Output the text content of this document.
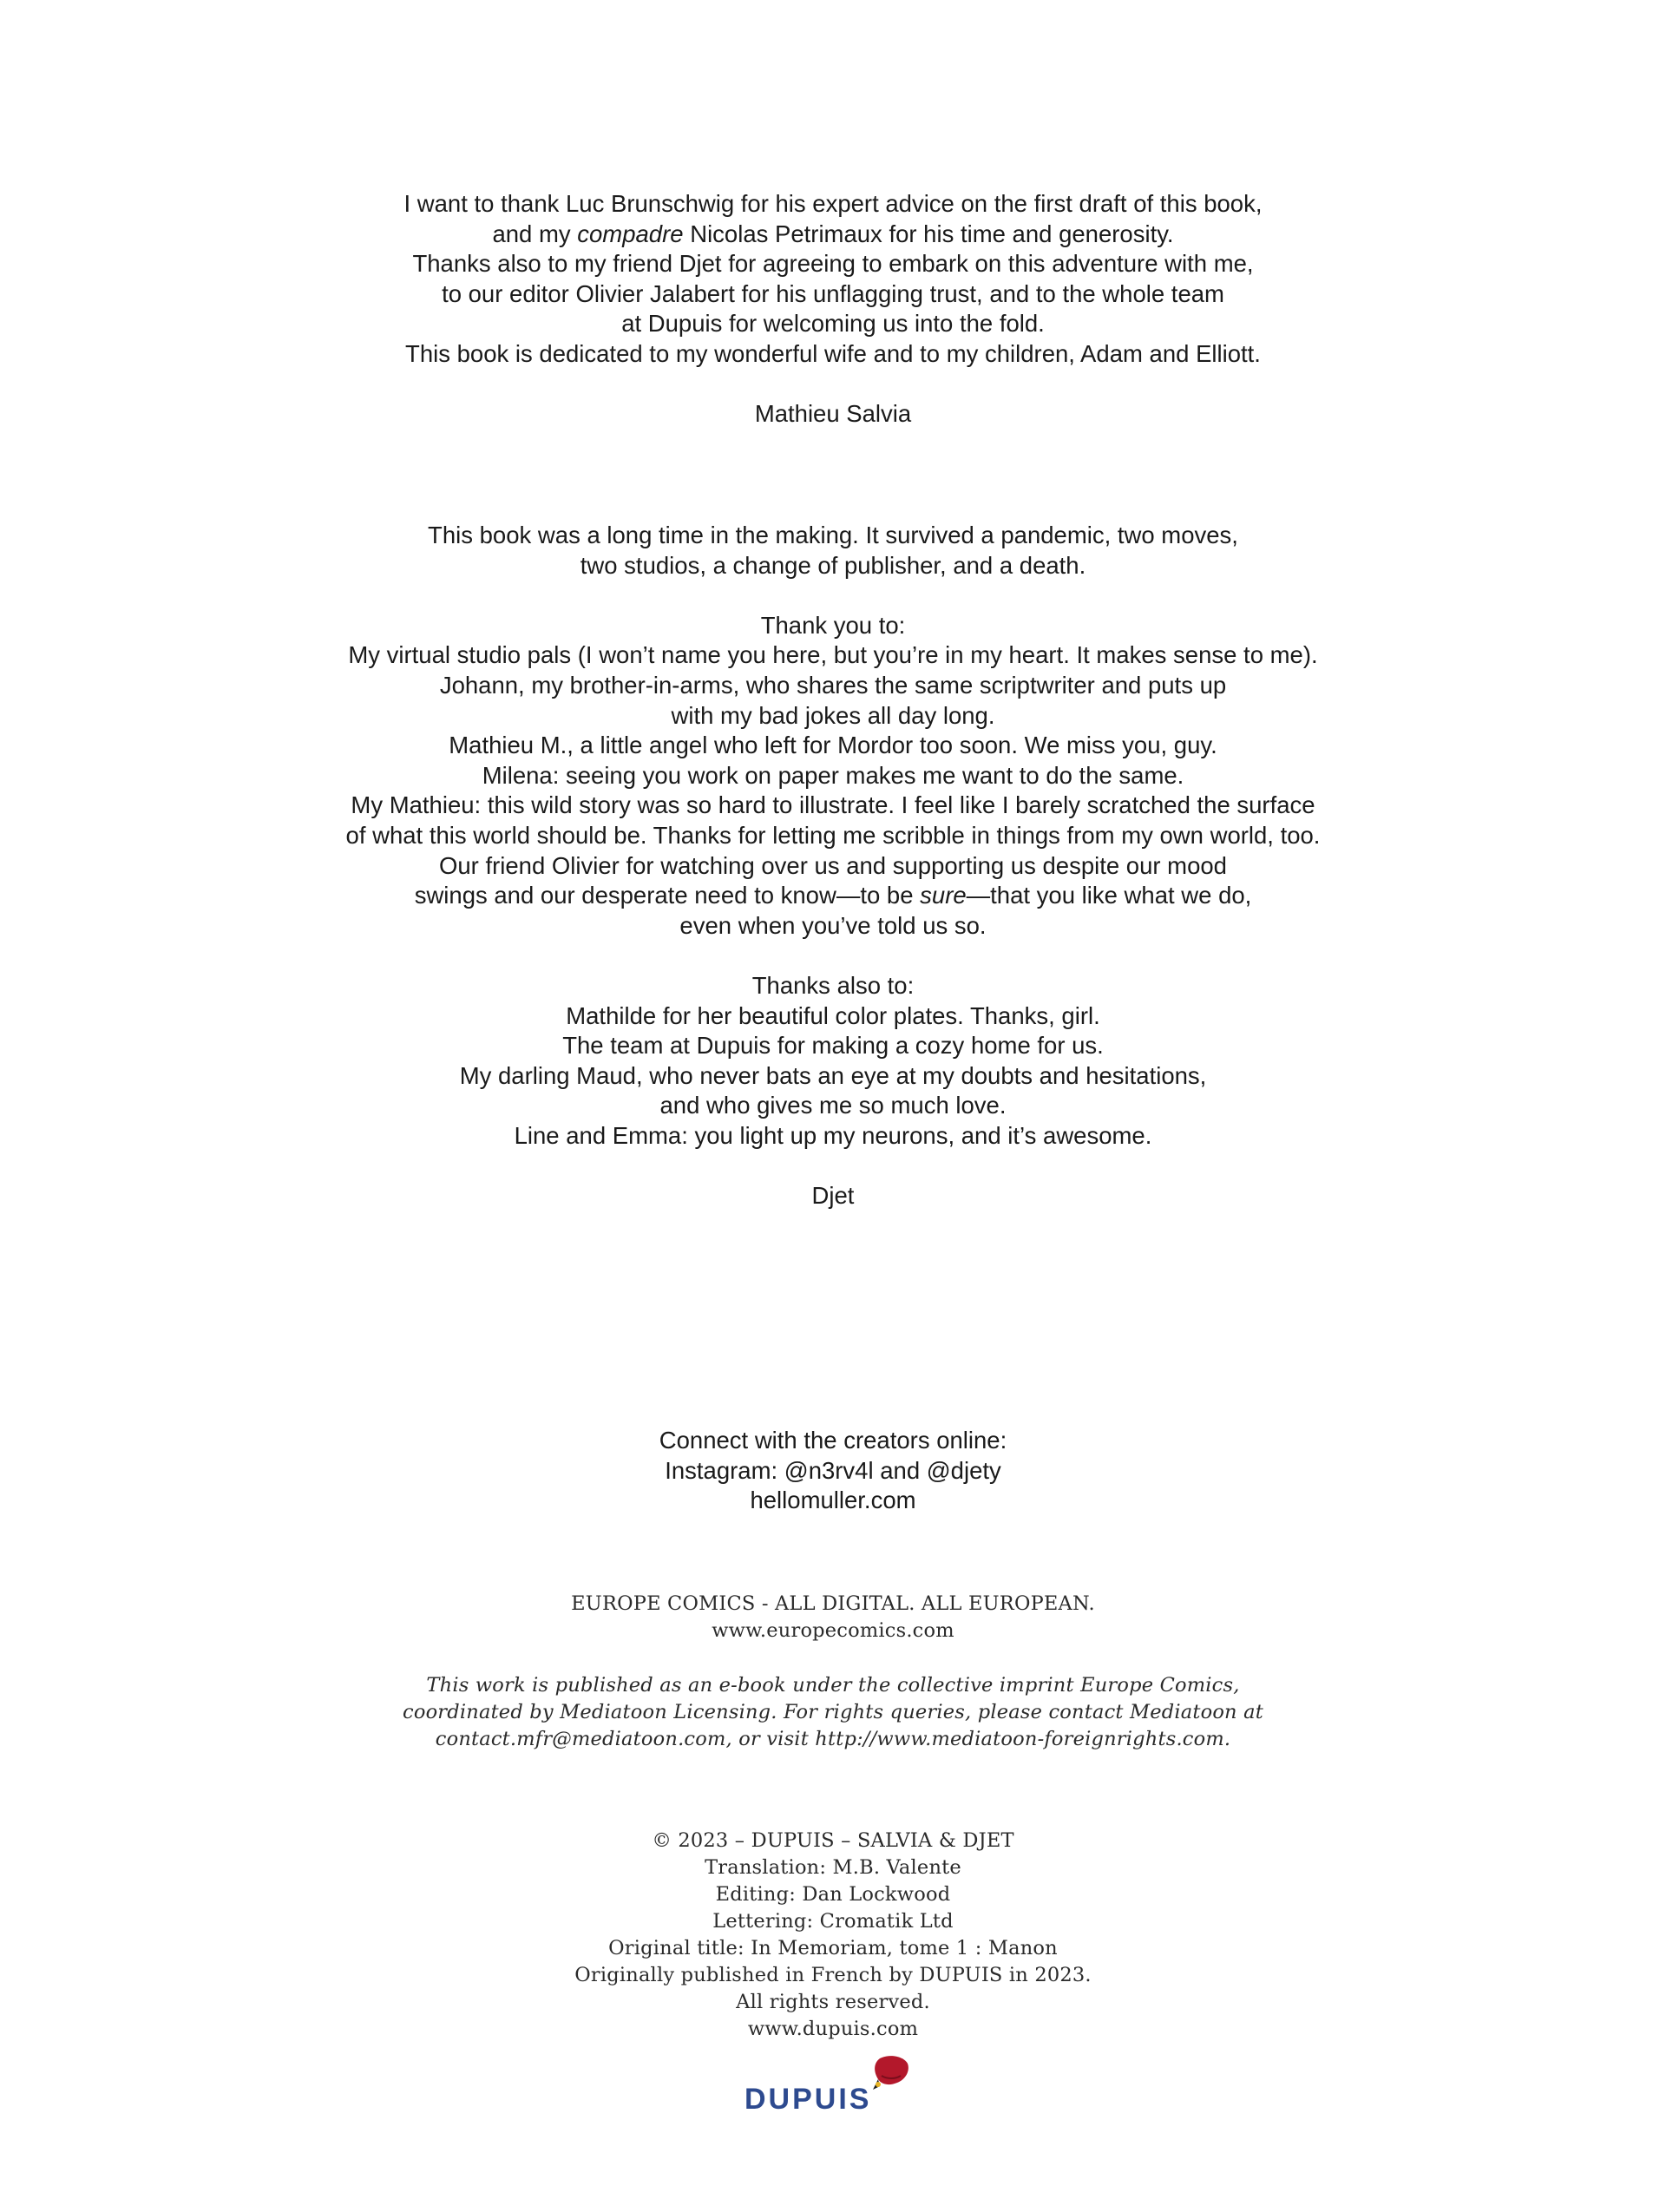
I want to thank Luc Brunschwig for his expert advice on the first draft of this book,
and my compadre Nicolas Petrimaux for his time and generosity.
Thanks also to my friend Djet for agreeing to embark on this adventure with me,
to our editor Olivier Jalabert for his unflagging trust, and to the whole team
at Dupuis for welcoming us into the fold.
This book is dedicated to my wonderful wife and to my children, Adam and Elliott.
Mathieu Salvia
This book was a long time in the making. It survived a pandemic, two moves,
two studios, a change of publisher, and a death.
Thank you to:
My virtual studio pals (I won’t name you here, but you’re in my heart. It makes sense to me).
Johann, my brother-in-arms, who shares the same scriptwriter and puts up
with my bad jokes all day long.
Mathieu M., a little angel who left for Mordor too soon. We miss you, guy.
Milena: seeing you work on paper makes me want to do the same.
My Mathieu: this wild story was so hard to illustrate. I feel like I barely scratched the surface
of what this world should be. Thanks for letting me scribble in things from my own world, too.
Our friend Olivier for watching over us and supporting us despite our mood
swings and our desperate need to know—to be sure—that you like what we do,
even when you’ve told us so.
Thanks also to:
Mathilde for her beautiful color plates. Thanks, girl.
The team at Dupuis for making a cozy home for us.
My darling Maud, who never bats an eye at my doubts and hesitations,
and who gives me so much love.
Line and Emma: you light up my neurons, and it’s awesome.
Djet
Connect with the creators online:
Instagram: @n3rv4l and @djety
hellomuller.com
EUROPE COMICS - ALL DIGITAL. ALL EUROPEAN.
www.europecomics.com
This work is published as an e-book under the collective imprint Europe Comics,
coordinated by Mediatoon Licensing. For rights queries, please contact Mediatoon at
contact.mfr@mediatoon.com, or visit http://www.mediatoon-foreignrights.com.
© 2023 – DUPUIS – SALVIA & DJET
Translation: M.B. Valente
Editing: Dan Lockwood
Lettering: Cromatik Ltd
Original title: In Memoriam, tome 1 : Manon
Originally published in French by DUPUIS in 2023.
All rights reserved.
www.dupuis.com
DUPUIS
